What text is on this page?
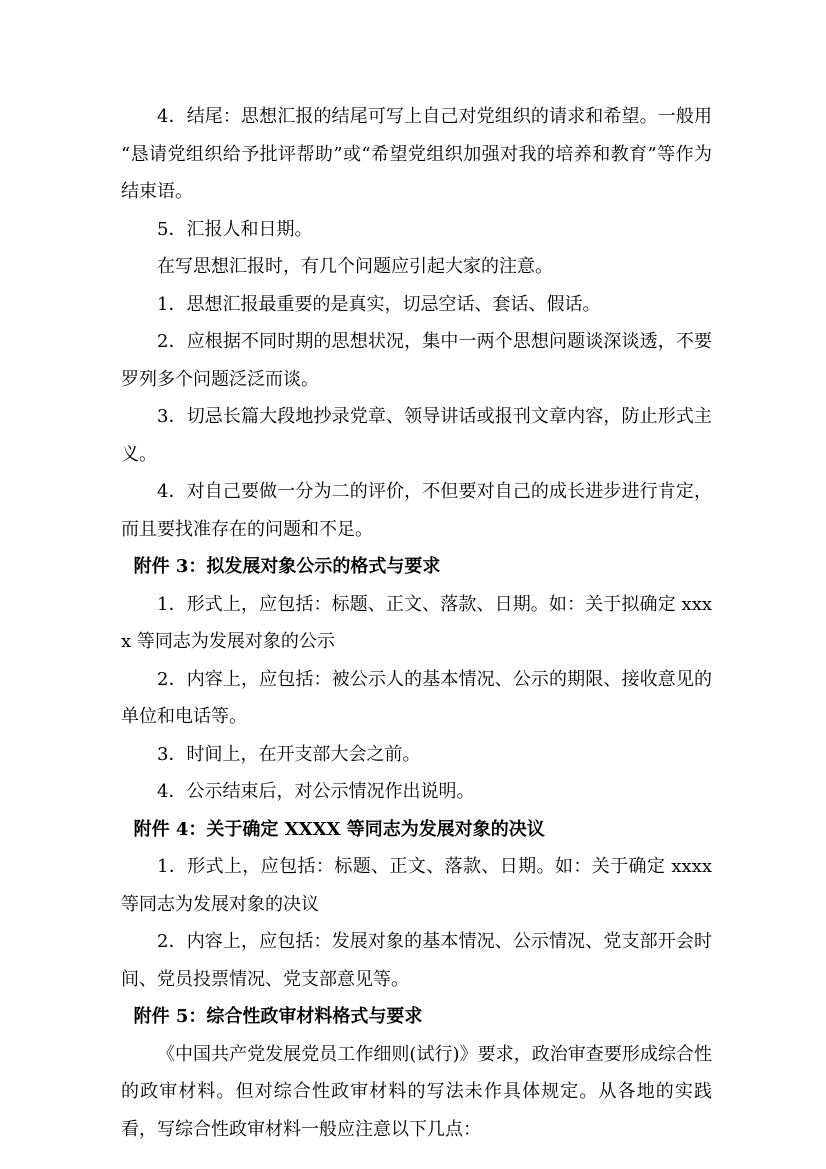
4．结尾：思想汇报的结尾可写上自己对党组织的请求和希望。一般用“恳请党组织给予批评帮助”或“希望党组织加强对我的培养和教育”等作为结束语。

5．汇报人和日期。

在写思想汇报时，有几个问题应引起大家的注意。

1．思想汇报最重要的是真实，切忌空话、套话、假话。

2．应根据不同时期的思想状况，集中一两个思想问题谈深谈透，不要罗列多个问题泛泛而谈。

3．切忌长篇大段地抄录党章、领导讲话或报刊文章内容，防止形式主义。

4．对自己要做一分为二的评价，不但要对自己的成长进步进行肯定，而且要找准存在的问题和不足。

附件 3：拟发展对象公示的格式与要求

1．形式上，应包括：标题、正文、落款、日期。如：关于拟确定 xxxx 等同志为发展对象的公示

2．内容上，应包括：被公示人的基本情况、公示的期限、接收意见的单位和电话等。

3．时间上，在开支部大会之前。

4．公示结束后，对公示情况作出说明。

附件 4：关于确定 XXXX 等同志为发展对象的决议

1．形式上，应包括：标题、正文、落款、日期。如：关于确定 xxxx 等同志为发展对象的决议

2．内容上，应包括：发展对象的基本情况、公示情况、党支部开会时间、党员投票情况、党支部意见等。

附件 5：综合性政审材料格式与要求

《中国共产党发展党员工作细则(试行)》要求，政治审查要形成综合性的政审材料。但对综合性政审材料的写法未作具体规定。从各地的实践看，写综合性政审材料一般应注意以下几点：
